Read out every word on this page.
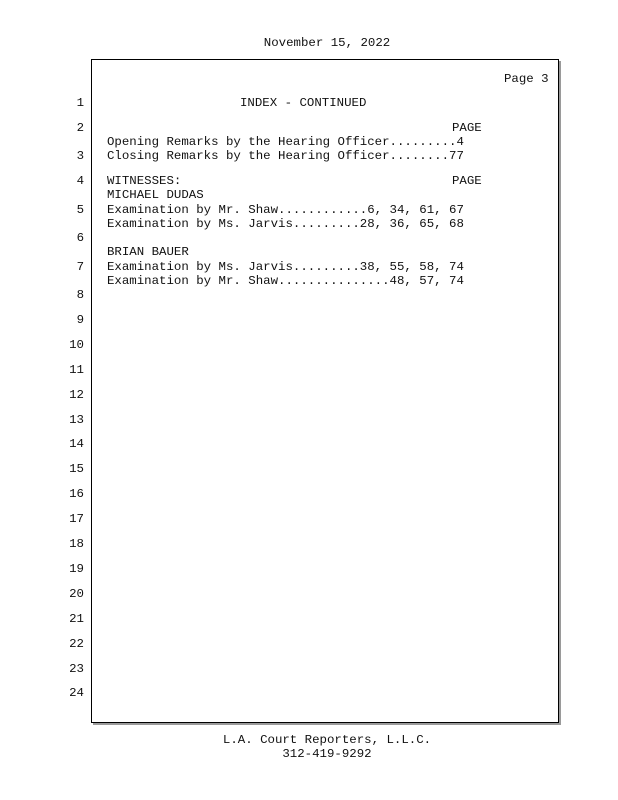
November 15, 2022
Page 3
1
2
3
4
5
6
7
8
9
10
11
12
13
14
15
16
17
18
19
20
21
22
23
24
INDEX - CONTINUED
PAGE
Opening Remarks by the Hearing Officer.........4
Closing Remarks by the Hearing Officer........77
WITNESSES:	PAGE
MICHAEL DUDAS
Examination by Mr. Shaw............6, 34, 61, 67
Examination by Ms. Jarvis.........28, 36, 65, 68
BRIAN BAUER
Examination by Ms. Jarvis.........38, 55, 58, 74
Examination by Mr. Shaw...............48, 57, 74
L.A. Court Reporters, L.L.C.
312-419-9292
